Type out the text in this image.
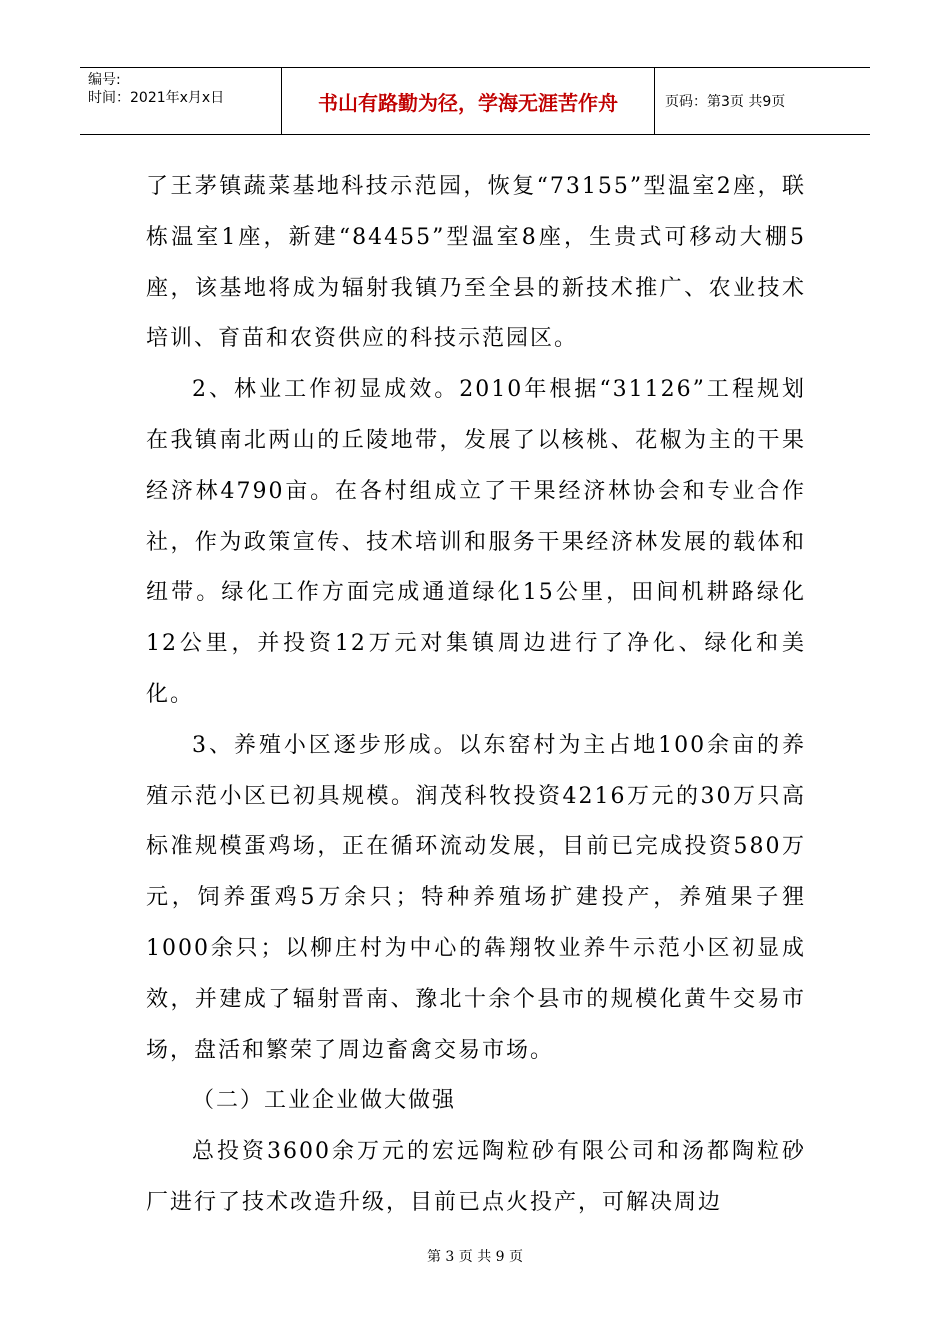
编号:
时间：2021年x月x日	书山有路勤为径，学海无涯苦作舟	页码：第3页 共9页

了王茅镇蔬菜基地科技示范园，恢复“73155”型温室2座，联栋温室1座，新建“84455”型温室8座，生贵式可移动大棚5座，该基地将成为辐射我镇乃至全县的新技术推广、农业技术培训、育苗和农资供应的科技示范园区。

2、林业工作初显成效。2010年根据“31126”工程规划在我镇南北两山的丘陵地带，发展了以核桃、花椒为主的干果经济林4790亩。在各村组成立了干果经济林协会和专业合作社，作为政策宣传、技术培训和服务干果经济林发展的载体和纽带。绿化工作方面完成通道绿化15公里，田间机耕路绿化12公里，并投资12万元对集镇周边进行了净化、绿化和美化。

3、养殖小区逐步形成。以东窑村为主占地100余亩的养殖示范小区已初具规模。润茂科牧投资4216万元的30万只高标准规模蛋鸡场，正在循环流动发展，目前已完成投资580万元，饲养蛋鸡5万余只；特种养殖场扩建投产，养殖果子狸1000余只；以柳庄村为中心的犇翔牧业养牛示范小区初显成效，并建成了辐射晋南、豫北十余个县市的规模化黄牛交易市场，盘活和繁荣了周边畜禽交易市场。

（二）工业企业做大做强

总投资3600余万元的宏远陶粒砂有限公司和汤都陶粒砂厂进行了技术改造升级，目前已点火投产，可解决周边

第 3 页 共 9 页
